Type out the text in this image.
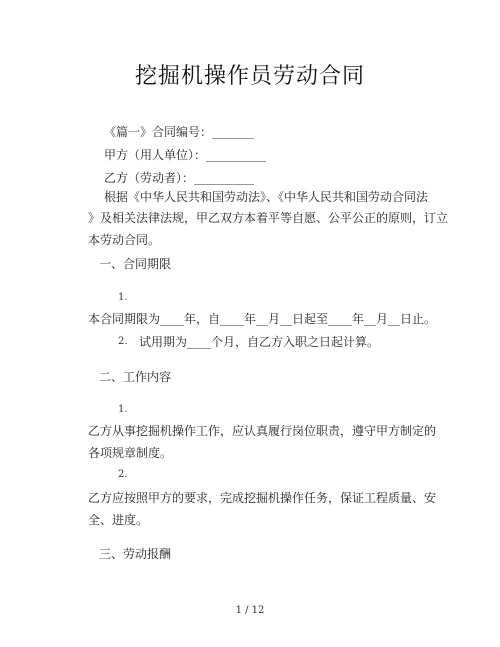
挖掘机操作员劳动合同
《篇一》合同编号：_______
甲方（用人单位）：__________
乙方（劳动者）：__________
根据《中华人民共和国劳动法》、《中华人民共和国劳动合同法
》及相关法律法规，甲乙双方本着平等自愿、公平公正的原则，订立
本劳动合同。
一、合同期限
1.
本合同期限为____年，自____年__月__日起至____年__月__日止。
2. 试用期为____个月，自乙方入职之日起计算。
二、工作内容
1.
乙方从事挖掘机操作工作，应认真履行岗位职责，遵守甲方制定的
各项规章制度。
2.
乙方应按照甲方的要求，完成挖掘机操作任务，保证工程质量、安
全、进度。
三、劳动报酬
1 / 12
